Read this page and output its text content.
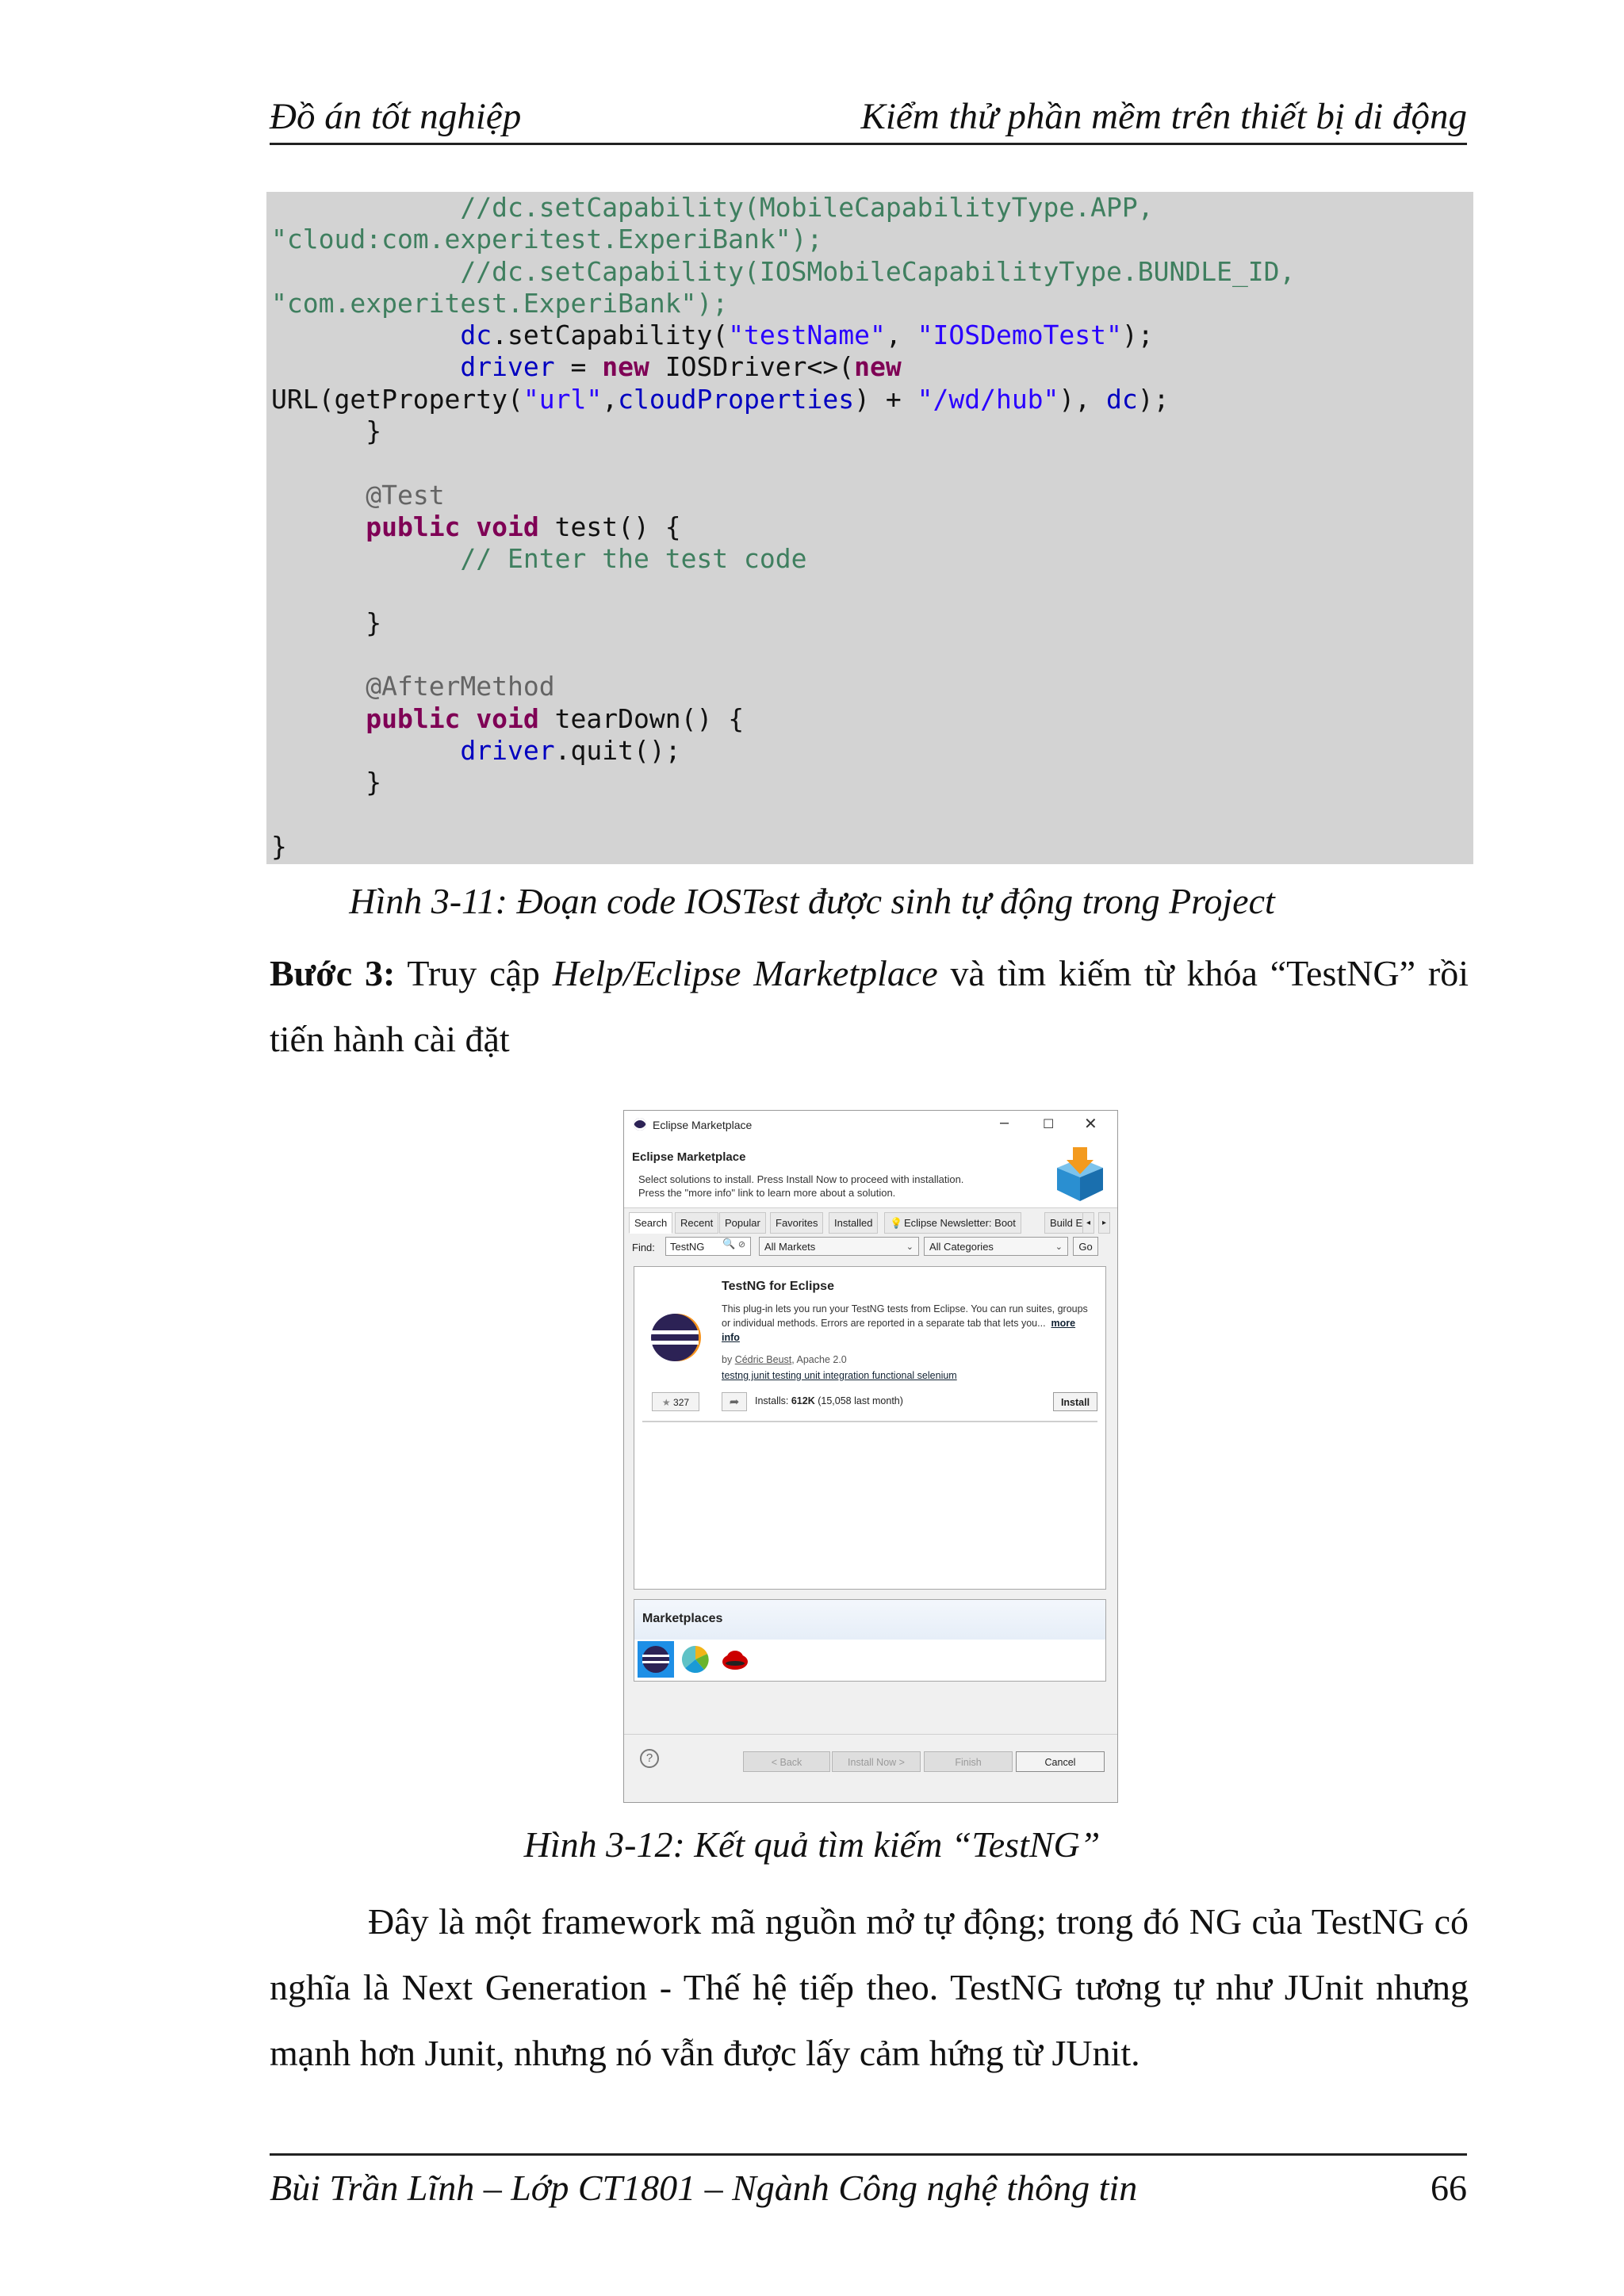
Đồ án tốt nghiệp	Kiểm thử phần mềm trên thiết bị di động
//dc.setCapability(MobileCapabilityType.APP,
"cloud:com.experitest.ExperiBank");
//dc.setCapability(IOSMobileCapabilityType.BUNDLE_ID,
"com.experitest.ExperiBank");
dc.setCapability("testName", "IOSDemoTest");
driver = new IOSDriver<>(new
URL(getProperty("url",cloudProperties) + "/wd/hub"), dc);
}
@Test
public void test() {
// Enter the test code
}
@AfterMethod
public void tearDown() {
driver.quit();
}
}
Hình 3-11: Đoạn code IOSTest được sinh tự động trong Project
Bước 3: Truy cập Help/Eclipse Marketplace và tìm kiếm từ khóa “TestNG” rồi tiến hành cài đặt
Eclipse Marketplace	–	☐ ✕
Eclipse Marketplace
Select solutions to install. Press Install Now to proceed with installation.
Press the "more info" link to learn more about a solution.
Search	Recent	Popular	Favorites	Installed	💡 Eclipse Newsletter: Boot	Build E ◂	▸
Find:	TestNG	🔍 ⊘	All Markets	⌄	All Categories	⌄	Go
TestNG for Eclipse
This plug-in lets you run your TestNG tests from Eclipse. You can run suites, groups or individual methods. Errors are reported in a separate tab that lets you... more info
by Cédric Beust, Apache 2.0
testng junit testing unit integration functional selenium
★ 327	➦	Installs: 612K (15,058 last month)	Install
Marketplaces
?	< Back	Install Now >	Finish	Cancel
Hình 3-12: Kết quả tìm kiếm “TestNG”
Đây là một framework mã nguồn mở tự động; trong đó NG của TestNG có nghĩa là Next Generation - Thế hệ tiếp theo. TestNG tương tự như JUnit nhưng mạnh hơn Junit, nhưng nó vẫn được lấy cảm hứng từ JUnit.
Bùi Trần Lĩnh – Lớp CT1801 – Ngành Công nghệ thông tin	66
